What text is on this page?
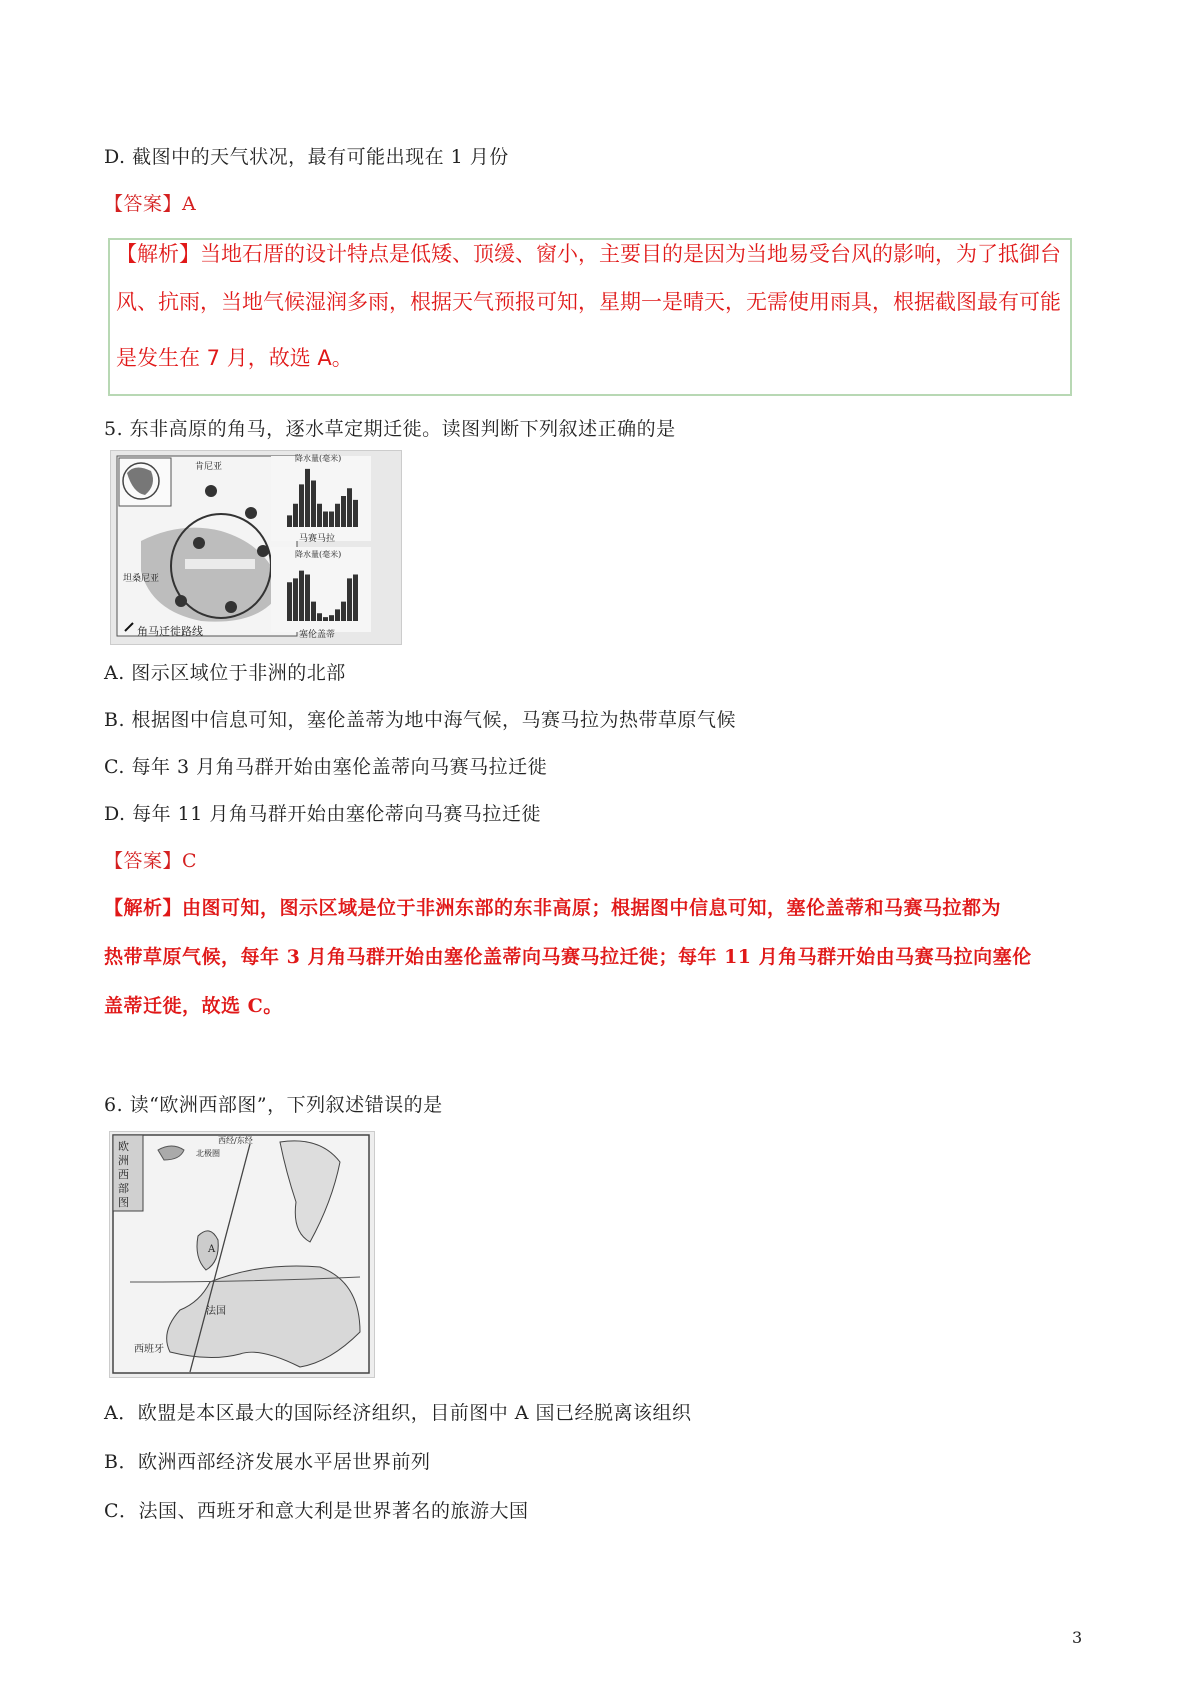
D. 截图中的天气状况，最有可能出现在 1 月份
【答案】A
【解析】当地石厝的设计特点是低矮、顶缓、窗小，主要目的是因为当地易受台风的影响，为了抵御台
风、抗雨，当地气候湿润多雨，根据天气预报可知，星期一是晴天，无需使用雨具，根据截图最有可能
是发生在 7 月，故选 A。
5. 东非高原的角马，逐水草定期迁徙。读图判断下列叙述正确的是
肯尼亚
坦桑尼亚
角马迁徙路线
降水量(毫米)
马赛马拉
降水量(毫米)
塞伦盖蒂
A. 图示区域位于非洲的北部
B. 根据图中信息可知，塞伦盖蒂为地中海气候，马赛马拉为热带草原气候
C. 每年 3 月角马群开始由塞伦盖蒂向马赛马拉迁徙
D. 每年 11 月角马群开始由塞伦蒂向马赛马拉迁徙
【答案】C
【解析】由图可知，图示区域是位于非洲东部的东非高原；根据图中信息可知，塞伦盖蒂和马赛马拉都为
热带草原气候，每年 3 月角马群开始由塞伦盖蒂向马赛马拉迁徙；每年 11 月角马群开始由马赛马拉向塞伦
盖蒂迁徙，故选 C。
6. 读“欧洲西部图”，下列叙述错误的是
欧洲西部图
西经/东经
北极圈
A
法国
西班牙
A．欧盟是本区最大的国际经济组织，目前图中 A 国已经脱离该组织
B．欧洲西部经济发展水平居世界前列
C．法国、西班牙和意大利是世界著名的旅游大国
3
